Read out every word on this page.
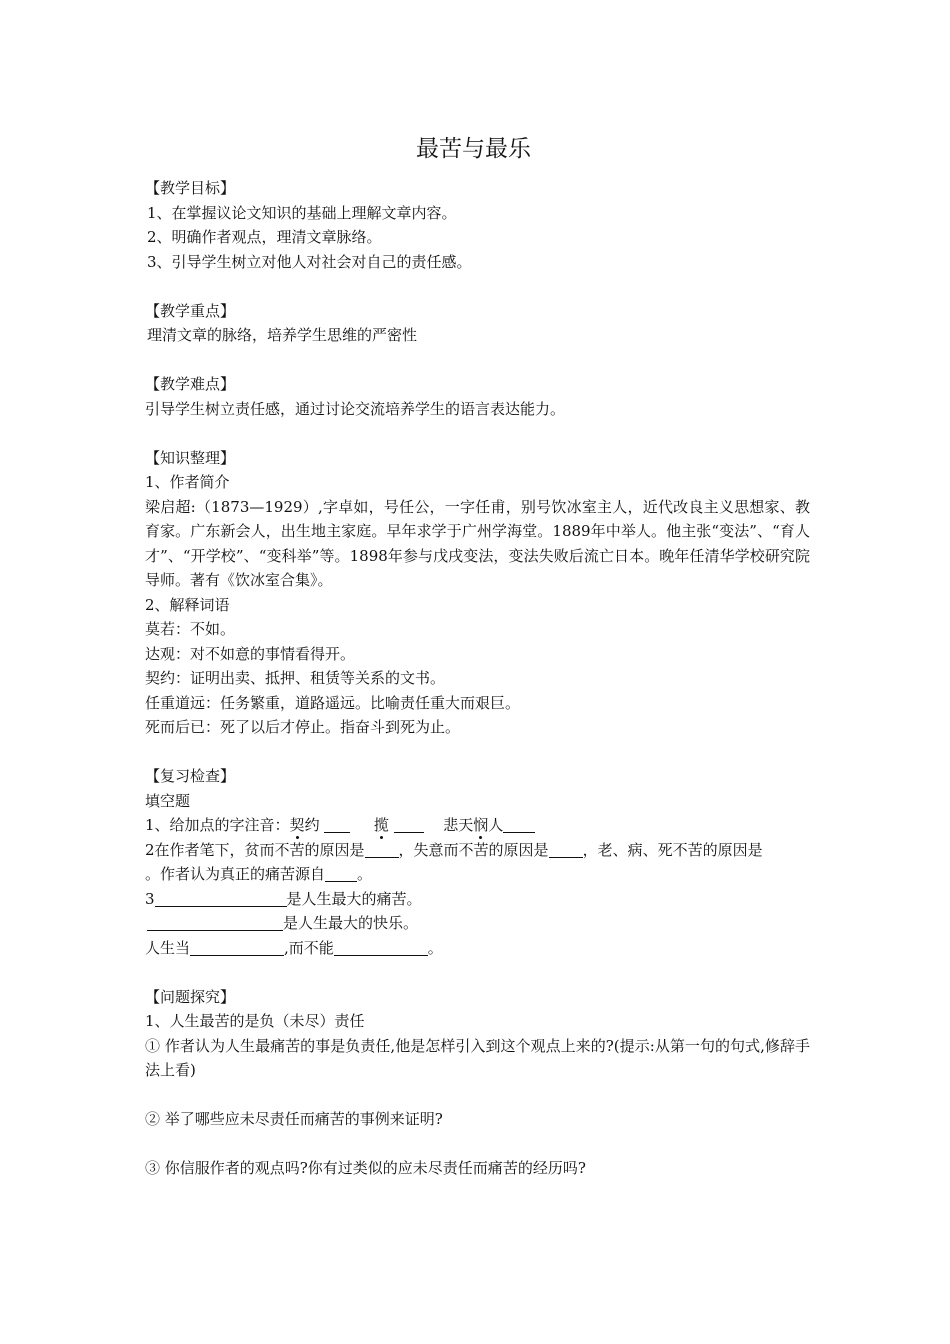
最苦与最乐
【教学目标】
1、在掌握议论文知识的基础上理解文章内容。
2、明确作者观点，理清文章脉络。
3、引导学生树立对他人对社会对自己的责任感。
【教学重点】
理清文章的脉络，培养学生思维的严密性
【教学难点】
引导学生树立责任感，通过讨论交流培养学生的语言表达能力。
【知识整理】
1、作者简介
梁启超:（1873—1929）,字卓如，号任公，一字任甫，别号饮冰室主人，近代改良主义思想家、教育家。广东新会人，出生地主家庭。早年求学于广州学海堂。1889年中举人。他主张“变法”、“育人才”、“开学校”、“变科举”等。1898年参与戊戌变法，变法失败后流亡日本。晚年任清华学校研究院导师。著有《饮冰室合集》。
2、解释词语
莫若：不如。
达观：对不如意的事情看得开。
契约：证明出卖、抵押、租赁等关系的文书。
任重道远：任务繁重，道路遥远。比喻责任重大而艰巨。
死而后已：死了以后才停止。指奋斗到死为止。
【复习检查】
填空题
1、给加点的字注音：契约	揽	悲天悯人
2在作者笔下，贫而不苦的原因是 ，失意而不苦的原因是 ，老、病、死不苦的原因是
。作者认为真正的痛苦源自 。
3	是人生最大的痛苦。
是人生最大的快乐。
人生当	,而不能	。
【问题探究】
1、人生最苦的是负（未尽）责任
① 作者认为人生最痛苦的事是负责任,他是怎样引入到这个观点上来的?(提示:从第一句的句式,修辞手法上看)
② 举了哪些应未尽责任而痛苦的事例来证明?
③ 你信服作者的观点吗?你有过类似的应未尽责任而痛苦的经历吗?
